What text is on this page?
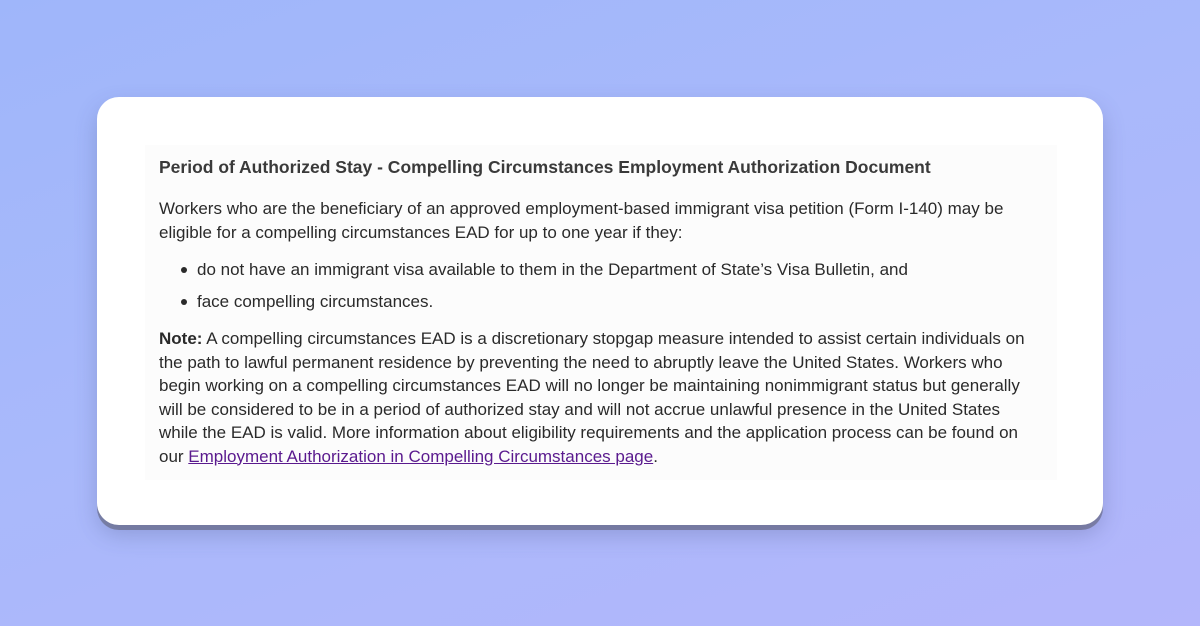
Period of Authorized Stay - Compelling Circumstances Employment Authorization Document

Workers who are the beneficiary of an approved employment-based immigrant visa petition (Form I-140) may be eligible for a compelling circumstances EAD for up to one year if they:

do not have an immigrant visa available to them in the Department of State’s Visa Bulletin, and
face compelling circumstances.

Note: A compelling circumstances EAD is a discretionary stopgap measure intended to assist certain individuals on the path to lawful permanent residence by preventing the need to abruptly leave the United States. Workers who begin working on a compelling circumstances EAD will no longer be maintaining nonimmigrant status but generally will be considered to be in a period of authorized stay and will not accrue unlawful presence in the United States while the EAD is valid. More information about eligibility requirements and the application process can be found on our Employment Authorization in Compelling Circumstances page.
